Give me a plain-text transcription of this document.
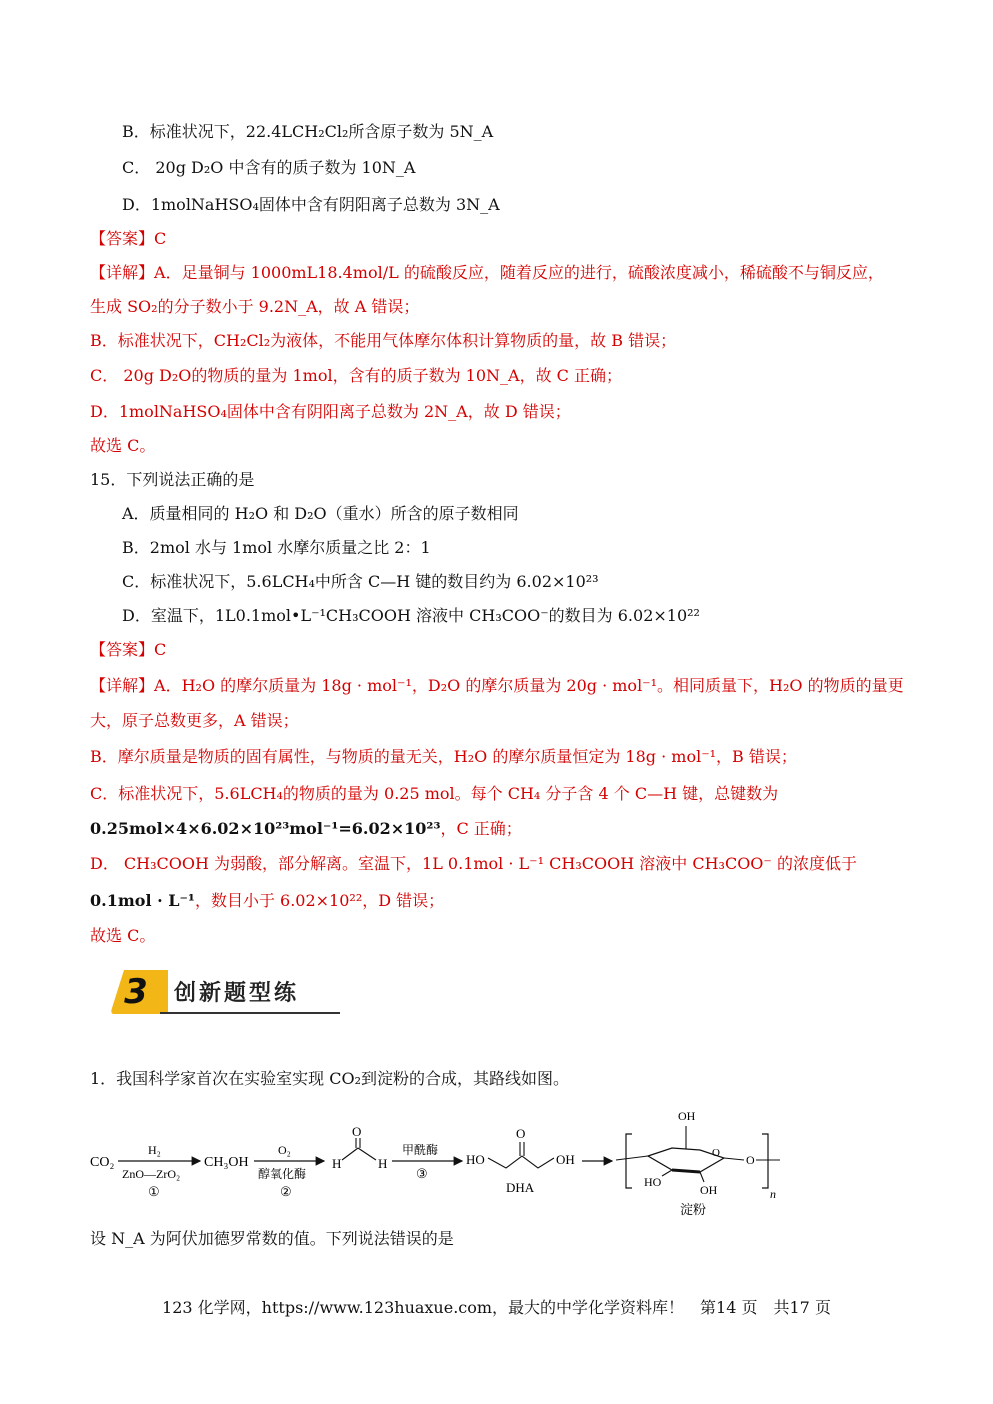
B．标准状况下，22.4LCH₂Cl₂所含原子数为 5N_A
C． 20g D₂O 中含有的质子数为 10N_A
D．1molNaHSO₄固体中含有阴阳离子总数为 3N_A
【答案】C
【详解】A．足量铜与 1000mL18.4mol/L 的硫酸反应，随着反应的进行，硫酸浓度减小，稀硫酸不与铜反应，
生成 SO₂的分子数小于 9.2N_A，故 A 错误；
B．标准状况下，CH₂Cl₂为液体，不能用气体摩尔体积计算物质的量，故 B 错误；
C． 20g D₂O的物质的量为 1mol，含有的质子数为 10N_A，故 C 正确；
D．1molNaHSO₄固体中含有阴阳离子总数为 2N_A，故 D 错误；
故选 C。
15．下列说法正确的是
A．质量相同的 H₂O 和 D₂O（重水）所含的原子数相同
B．2mol 水与 1mol 水摩尔质量之比 2：1
C．标准状况下，5.6LCH₄中所含 C—H 键的数目约为 6.02×10²³
D．室温下，1L0.1mol•L⁻¹CH₃COOH 溶液中 CH₃COO⁻的数目为 6.02×10²²
【答案】C
【详解】A．H₂O 的摩尔质量为 18g · mol⁻¹，D₂O 的摩尔质量为 20g · mol⁻¹。相同质量下，H₂O 的物质的量更
大，原子总数更多，A 错误；
B．摩尔质量是物质的固有属性，与物质的量无关，H₂O 的摩尔质量恒定为 18g · mol⁻¹，B 错误；
C．标准状况下，5.6LCH₄的物质的量为 0.25 mol。每个 CH₄ 分子含 4 个 C—H 键，总键数为
0.25mol×4×6.02×10²³mol⁻¹=6.02×10²³，C 正确；
D． CH₃COOH 为弱酸，部分解离。室温下，1L 0.1mol · L⁻¹ CH₃COOH 溶液中 CH₃COO⁻ 的浓度低于
0.1mol · L⁻¹，数目小于 6.02×10²²，D 错误；
故选 C。
3	创新题型练
1．我国科学家首次在实验室实现 CO₂到淀粉的合成，其路线如图。
CO₂
H₂
ZnO—ZrO₂
①
CH₃OH
O₂
醇氧化酶
②
H	H
O
甲酰酶
③
HO	OH
O
DHA
OH
HO
OH
O O
n
淀粉
设 N_A 为阿伏加德罗常数的值。下列说法错误的是
123 化学网，https://www.123huaxue.com，最大的中学化学资料库！　第14 页　共17 页
